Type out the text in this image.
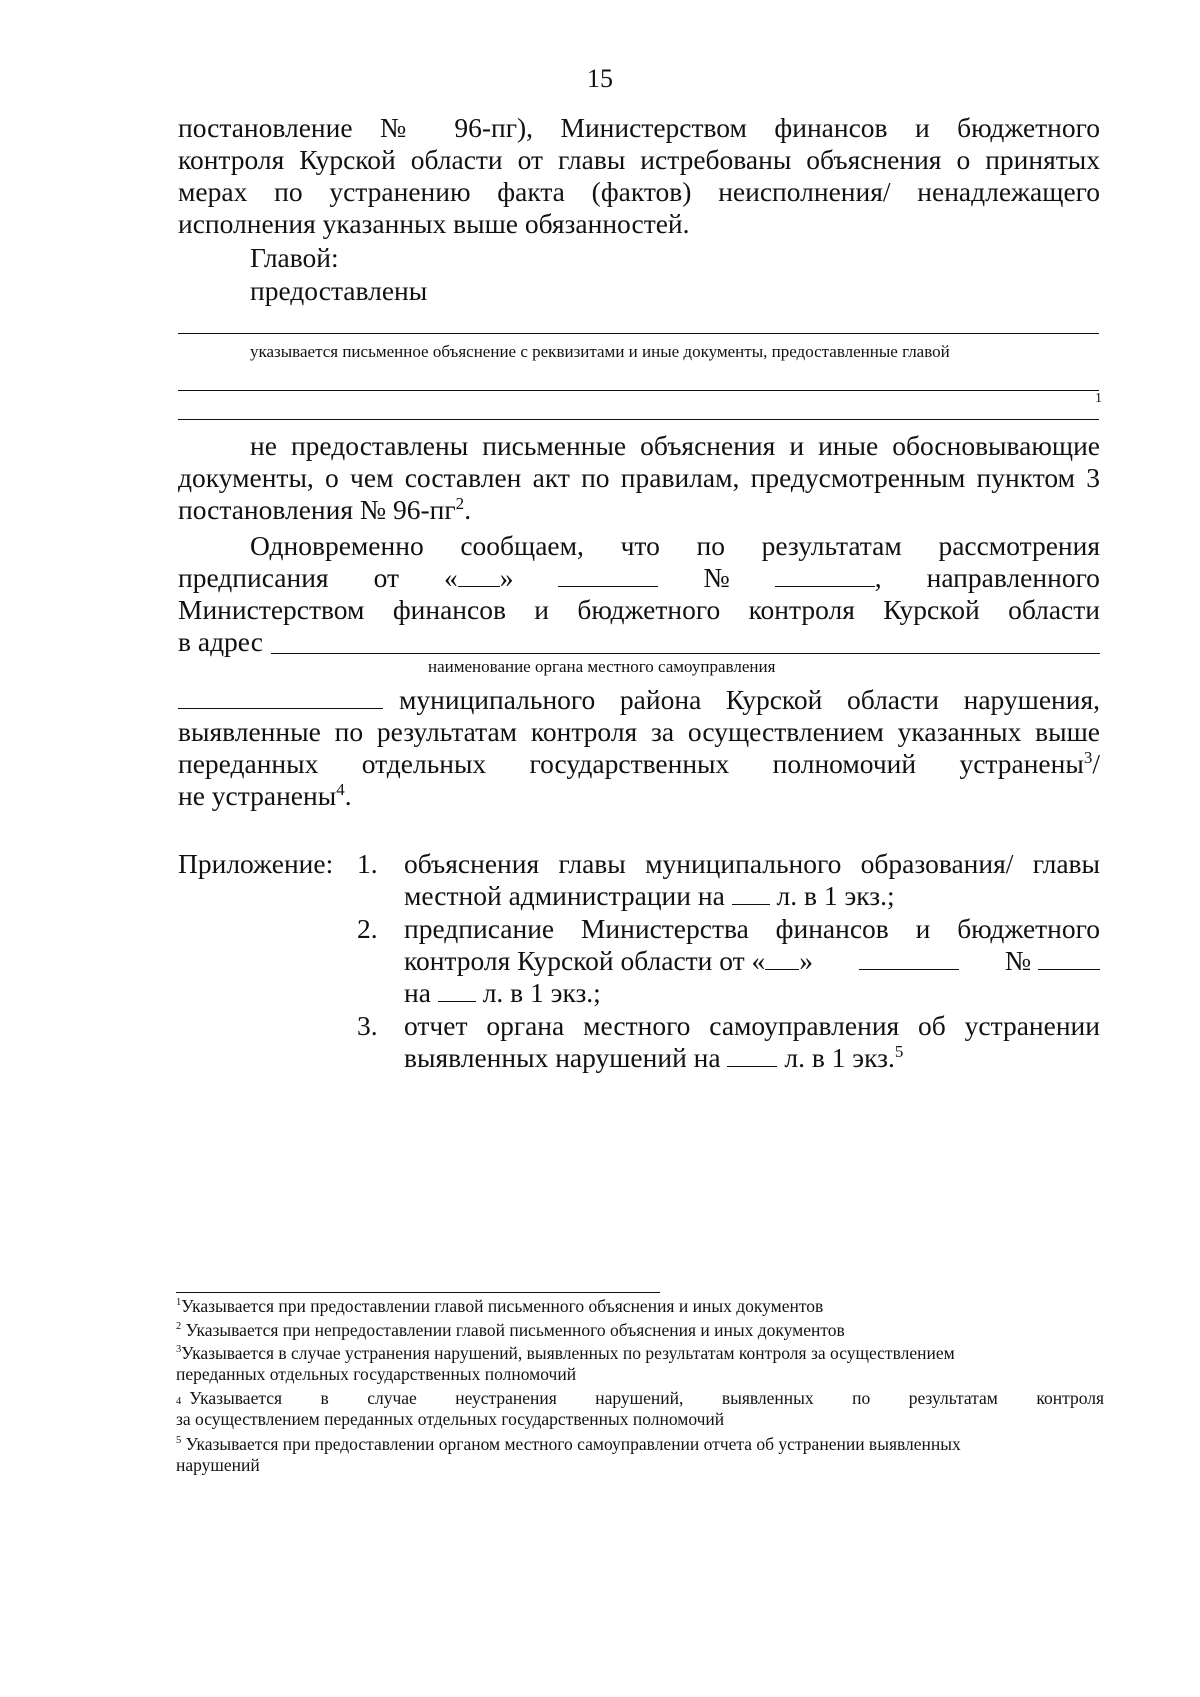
15
постановление № 96-пг), Министерством финансов и бюджетного
контроля Курской области от главы истребованы объяснения о принятых
мерах по устранению факта (фактов) неисполнения/ ненадлежащего
исполнения указанных выше обязанностей.
Главой:
предоставлены
указывается письменное объяснение с реквизитами и иные документы, предоставленные главой
1
не предоставлены письменные объяснения и иные обосновывающие
документы, о чем составлен акт по правилам, предусмотренным пунктом 3
постановления № $96-пг^2$.
Одновременно сообщаем, что по результатам рассмотрения
предписания от « »	№	, направленного
Министерством финансов и бюджетного контроля Курской области
в адрес
наименование органа местного самоуправления
муниципального района Курской области нарушения,
выявленные по результатам контроля за осуществлением указанных выше
переданных отдельных государственных полномочий устранены$^3$/
не устранены$^4$.
Приложение: 1. объяснения главы муниципального образования/ главы
местной администрации на л. в 1 экз.;
2. предписание Министерства финансов и бюджетного
контроля Курской области от « »	№
на л. в 1 экз.;
3. отчет органа местного самоуправления об устранении
выявленных нарушений на л. в 1 экз.$^5$
$^1$Указывается при предоставлении главой письменного объяснения и иных документов
$^2$ Указывается при непредоставлении главой письменного объяснения и иных документов
$^3$Указывается в случае устранения нарушений, выявленных по результатам контроля за осуществлением
переданных отдельных государственных полномочий
4 Указывается в случае неустранения нарушений, выявленных по результатам контроля
за осуществлением переданных отдельных государственных полномочий
$^5$ Указывается при предоставлении органом местного самоуправлении отчета об устранении выявленных
нарушений
